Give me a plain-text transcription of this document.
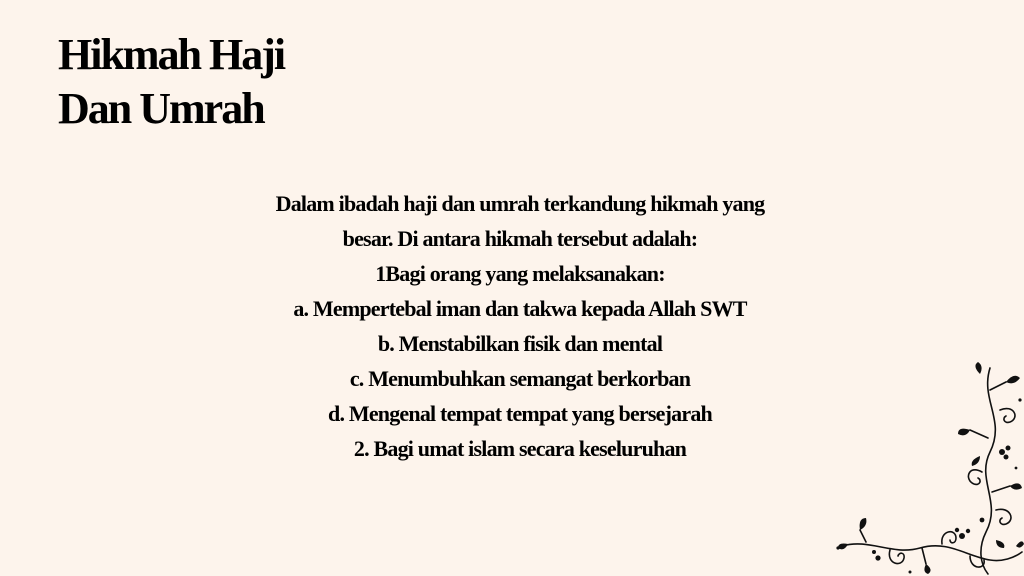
Hikmah Haji
Dan Umrah
Dalam ibadah haji dan umrah terkandung hikmah yang
besar. Di antara hikmah tersebut adalah:
1Bagi orang yang melaksanakan:
a. Mempertebal iman dan takwa kepada Allah SWT
b. Menstabilkan fisik dan mental
c. Menumbuhkan semangat berkorban
d. Mengenal tempat tempat yang bersejarah
2. Bagi umat islam secara keseluruhan
